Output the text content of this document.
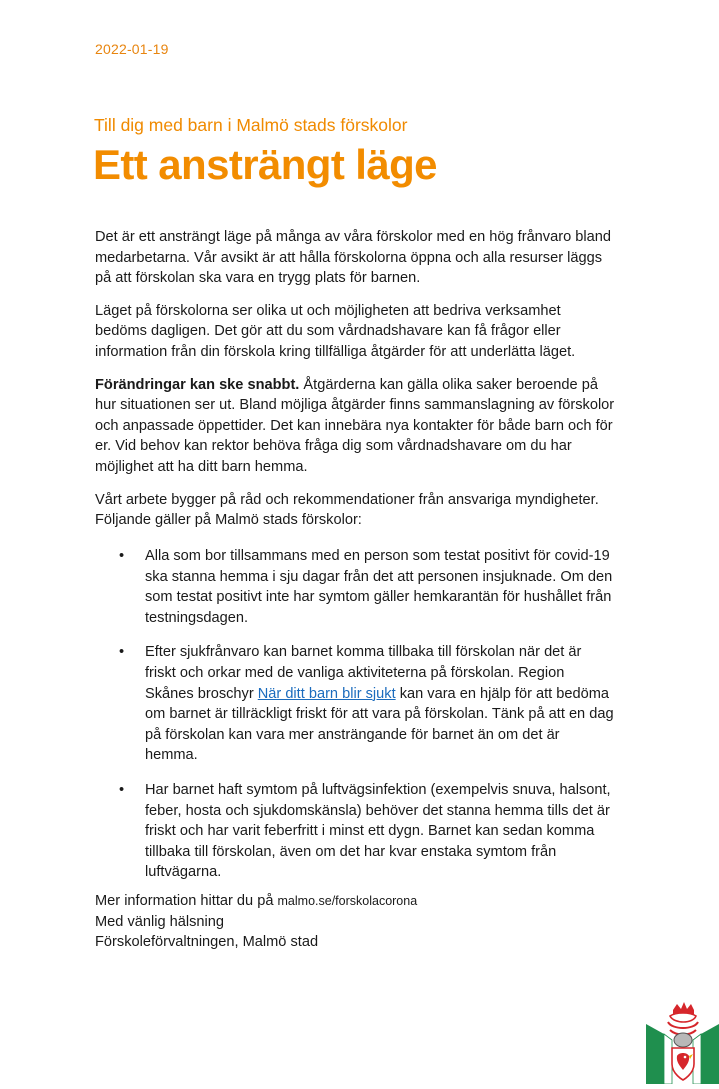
2022-01-19
Till dig med barn i Malmö stads förskolor
Ett ansträngt läge

Det är ett ansträngt läge på många av våra förskolor med en hög frånvaro bland medarbetarna. Vår avsikt är att hålla förskolorna öppna och alla resurser läggs på att förskolan ska vara en trygg plats för barnen.

Läget på förskolorna ser olika ut och möjligheten att bedriva verksamhet bedöms dagligen. Det gör att du som vårdnadshavare kan få frågor eller information från din förskola kring tillfälliga åtgärder för att underlätta läget.

Förändringar kan ske snabbt. Åtgärderna kan gälla olika saker beroende på hur situationen ser ut. Bland möjliga åtgärder finns sammanslagning av förskolor och anpassade öppettider. Det kan innebära nya kontakter för både barn och för er. Vid behov kan rektor behöva fråga dig som vårdnadshavare om du har möjlighet att ha ditt barn hemma.

Vårt arbete bygger på råd och rekommendationer från ansvariga myndigheter. Följande gäller på Malmö stads förskolor:

• Alla som bor tillsammans med en person som testat positivt för covid-19 ska stanna hemma i sju dagar från det att personen insjuknade. Om den som testat positivt inte har symtom gäller hemkarantän för hushållet från testningsdagen.
• Efter sjukfrånvaro kan barnet komma tillbaka till förskolan när det är friskt och orkar med de vanliga aktiviteterna på förskolan. Region Skånes broschyr När ditt barn blir sjukt kan vara en hjälp för att bedöma om barnet är tillräckligt friskt för att vara på förskolan. Tänk på att en dag på förskolan kan vara mer ansträngande för barnet än om det är hemma.
• Har barnet haft symtom på luftvägsinfektion (exempelvis snuva, halsont, feber, hosta och sjukdomskänsla) behöver det stanna hemma tills det är friskt och har varit feberfritt i minst ett dygn. Barnet kan sedan komma tillbaka till förskolan, även om det har kvar enstaka symtom från luftvägarna.
Mer information hittar du på malmo.se/forskolacorona
Med vänlig hälsning
Förskoleförvaltningen, Malmö stad
